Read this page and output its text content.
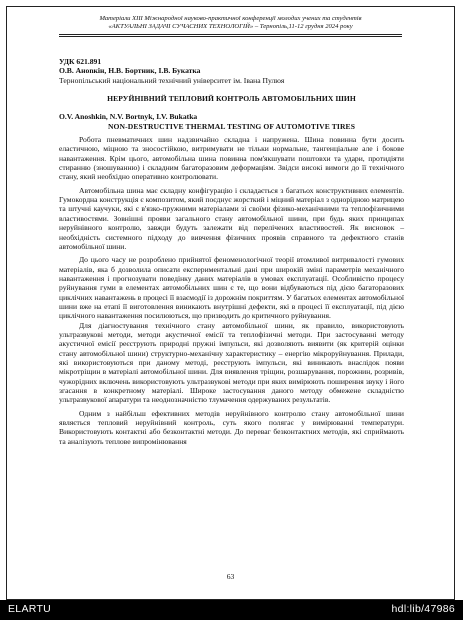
Матеріали XIII Міжнародної науково-практичної конференції молодих учених та студентів
«АКТУАЛЬНІ ЗАДАЧІ СУЧАСНИХ ТЕХНОЛОГІЙ» – Тернопіль,11-12 грудня 2024 року

УДК 621.891

О.В. Аноnкін, Н.В. Бортник, І.В. Букатка

Тернопільський національний технічний університет ім. Івана Пулюя

НЕРУЙНІВНИЙ ТЕПЛОВИЙ КОНТРОЛЬ АВТОМОБІЛЬНИХ ШИН

O.V. Anoshkin, N.V. Bortnyk, I.V. Bukatka

NON-DESTRUCTIVE THERMAL TESTING OF AUTOMOTIVE TIRES

Робота пневматичних шин надзвичайно складна і напружена. Шина повинна бути досить еластичною, міцною та зносостійкою, витримувати не тільки нормальне, тангенціальне але і бокове навантаження. Крім цього, автомобільна шина повинна пом'якшувати поштовхи та удари, протидіяти стиранню (зношуванню) і складним багаторазовим деформаціям. Звідси високі вимоги до її технічного стану, який необхідно оперативно контролювати.

Автомобільна шина має складну конфігурацію і складається з багатьох конструктивних елементів. Гумокордна конструкція є композитом, який поєднує жорсткий і міцний матеріал з однорідною матрицею та штучні каучуки, які є в'язко-пружними матеріалами зі своїми фізико-механічними та теплофізичними властивостями. Зовнішні прояви загального стану автомобільної шини, при будь яких принципах неруйнівного контролю, завжди будуть залежати від перелічених властивостей. Як висновок – необхідність системного підходу до вивчення фізичних проявів справного та дефектного станів автомобільної шини.

До цього часу не розроблено прийнятої феноменологічної теорії втомливої витривалості гумових матеріалів, яка б дозволила описати експериментальні дані при широкій зміні параметрів механічного навантаження і прогнозувати поведінку даних матеріалів в умовах експлуатації. Особливістю процесу руйнування гуми в елементах автомобільних шин є те, що вони відбуваються під дією багаторазових циклічних навантажень в процесі її взаємодії із дорожнім покриттям. У багатьох елементах автомобільної шини вже на етапі її виготовлення виникають внутрішні дефекти, які в процесі її експлуатації, під дією циклічного навантаження посилюються, що призводить до критичного руйнування.

Для діагностування технічного стану автомобільної шини, як правило, використовують ультразвукові методи, методи акустичної емісії та теплофізичні методи. При застосуванні методу акустичної емісії реєструють природні пружні імпульси, які дозволяють виявити (як критерій оцінки стану автомобільної шини) структурно-механічну характеристику – енергію мікроруйнування. Прилади, які використовуються при даному методі, реєструють імпульси, які виникають внаслідок появи мікротріщин в матеріалі автомобільної шини. Для виявлення тріщин, розшарування, порожнин, розривів, чужорідних включень використовують ультразвукові методи при яких вимірюють поширення звуку і його згасання в конкретному матеріалі. Широке застосування даного методу обмежене складністю ультразвукової апаратури та неоднозначністю тлумачення одержуваних результатів.

Одним з найбільш ефективних методів неруйнівного контролю стану автомобільної шини являється тепловий неруйнівний контроль, суть якого полягає у вимірюванні температури. Використовують контактні або безконтактні методи. До переваг безконтактних методів, які сприймають та аналізують теплове випромінювання

63
ELARTU	hdl:lib/47986
